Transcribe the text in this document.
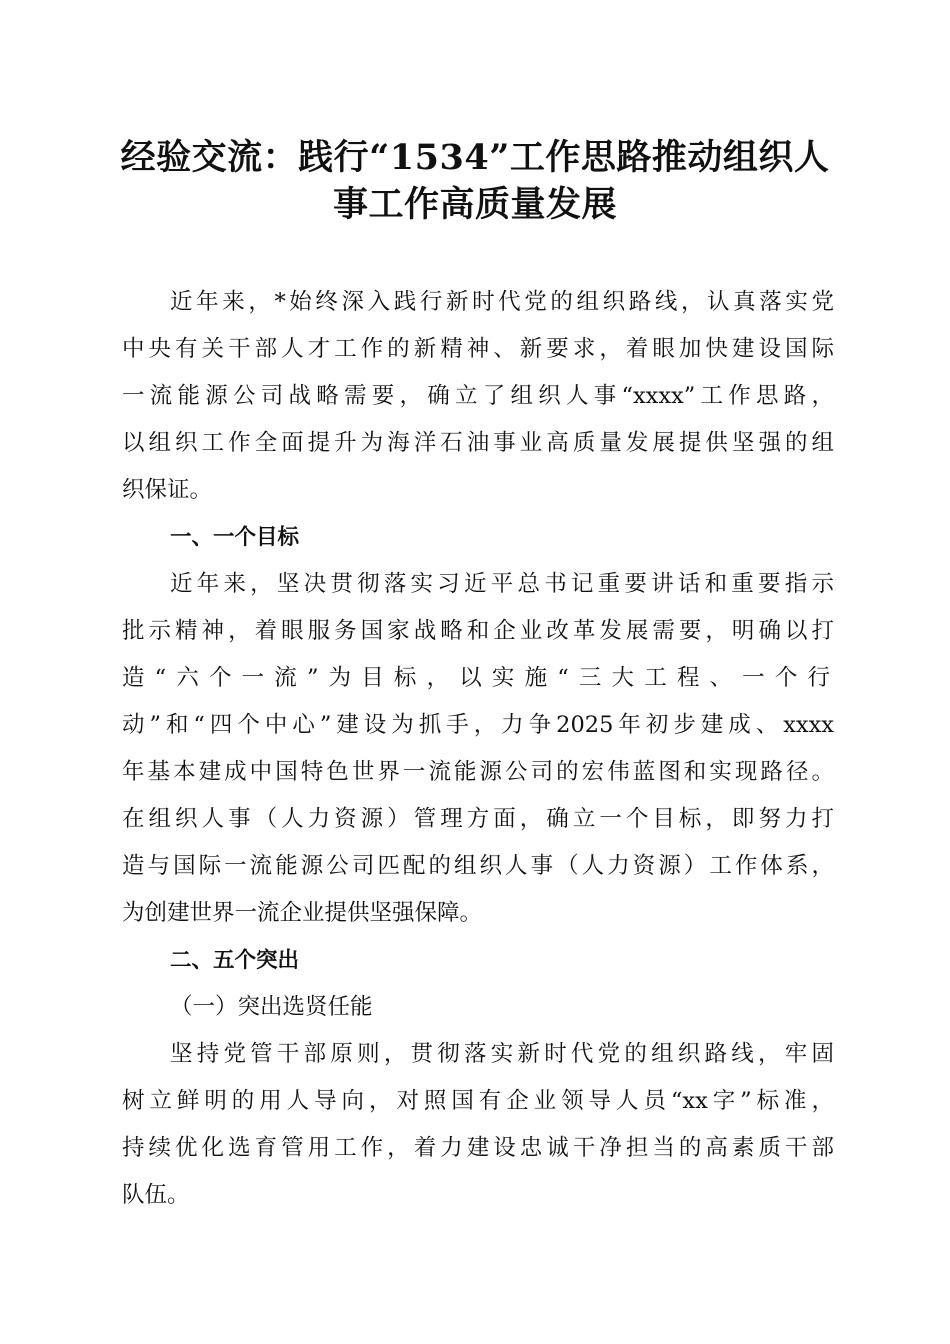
经验交流：践行“1534”工作思路推动组织人
事工作高质量发展
近年来，*始终深入践行新时代党的组织路线，认真落实党
中央有关干部人才工作的新精神、新要求，着眼加快建设国际
一流能源公司战略需要，确立了组织人事“xxxx”工作思路，
以组织工作全面提升为海洋石油事业高质量发展提供坚强的组
织保证。
一、一个目标
近年来，坚决贯彻落实习近平总书记重要讲话和重要指示
批示精神，着眼服务国家战略和企业改革发展需要，明确以打
造“六个一流”为目标，以实施“三大工程、一个行
动”和“四个中心”建设为抓手，力争2025年初步建成、xxxx
年基本建成中国特色世界一流能源公司的宏伟蓝图和实现路径。
在组织人事（人力资源）管理方面，确立一个目标，即努力打
造与国际一流能源公司匹配的组织人事（人力资源）工作体系，
为创建世界一流企业提供坚强保障。
二、五个突出
（一）突出选贤任能
坚持党管干部原则，贯彻落实新时代党的组织路线，牢固
树立鲜明的用人导向，对照国有企业领导人员“xx字”标准，
持续优化选育管用工作，着力建设忠诚干净担当的高素质干部
队伍。
